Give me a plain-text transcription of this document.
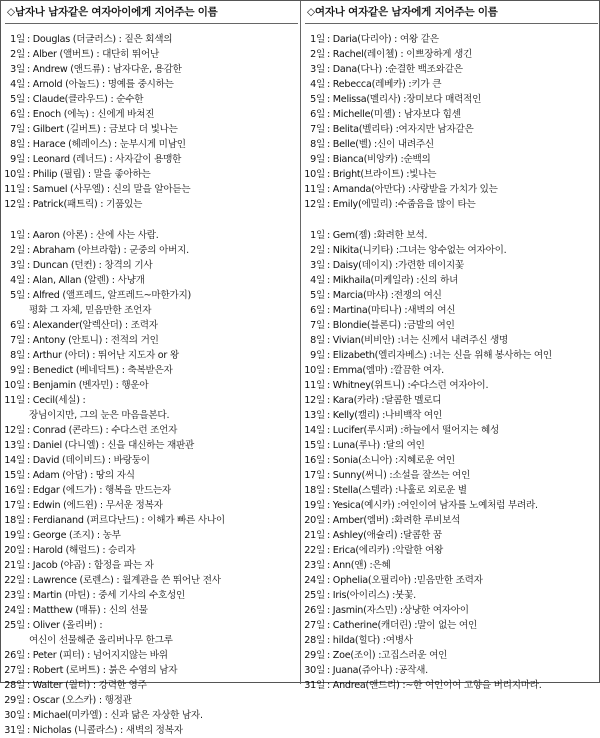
◇남자나 남자같은 여자아이에게 지어주는 이름
1일 : Douglas (더글러스) : 짙은 회색의
2일 : Alber (앨버트) : 대단히 뛰어난
3일 : Andrew (앤드류) : 남자다운, 용감한
4일 : Arnold (아놀드) : 명예를 중시하는
5일 : Claude(클라우드) : 순수한
6일 : Enoch (에녹) : 신에게 바쳐진
7일 : Gilbert (길버트) : 금보다 더 빛나는
8일 : Harace (헤레이스) : 눈부시게 미남인
9일 : Leonard (레너드) : 사자같이 용맹한
10일 : Philip (필립) : 말을 좋아하는
11일 : Samuel (사무엘) : 신의 말을 알아듣는
12일 : Patrick(패트릭) : 기품있는
1일 : Aaron (아론) : 산에 사는 사람.
2일 : Abraham (아브라함) : 군중의 아버지.
3일 : Duncan (던컨) : 창격의 기사
4일 : Alan, Allan (알렌) : 사냥개
5일 : Alfred (앨프레드, 알프레드~마한가지)
평화 그 자체, 믿음만한 조언자
6일 : Alexander(알렉산더) : 조력자
7일 : Antony (안토니) : 전적의 거인
8일 : Arthur (아더) : 뛰어난 지도자 or 왕
9일 : Benedict (베네딕트) : 축복받은자
10일 : Benjamin (벤자민) : 행운아
11일 : Cecil(세실) :
장님이지만, 그의 눈은 마음을본다.
12일 : Conrad (콘라드) : 수다스런 조언자
13일 : Daniel (다니엘) : 신을 대신하는 재판관
14일 : David (데이비드) : 바랑둥이
15일 : Adam (아담) : 땅의 자식
16일 : Edgar (에드가) : 행복을 만드는자
17일 : Edwin (에드윈) : 무서운 정복자
18일 : Ferdianand (퍼르다난드) : 이해가 빠른 사나이
19일 : George (조지) : 농부
20일 : Harold (해럴드) : 승리자
21일 : Jacob (야곱) : 함정을 파는 자
22일 : Lawrence (로렌스) : 월계관을 쓴 뛰어난 전사
23일 : Martin (마틴) : 중세 기사의 수호성인
24일 : Matthew (매튜) : 신의 선물
25일 : Oliver (올리버) :
여신이 선물해준 올리버나무 한그루
26일 : Peter (피터) : 넘어지지않는 바위
27일 : Robert (로버트) : 붉은 수염의 남자
28일 : Walter (월터) : 강력한 영주
29일 : Oscar (오스카) : 행정관
30일 : Michael(미카엘) : 신과 닮은 자상한 남자.
31일 : Nicholas (니콜라스) : 새벽의 정복자
◇여자나 여자같은 남자에게 지어주는 이름
1일 : Daria(다리아) : 여왕 같은
2일 : Rachel(레이첼) : 이쁘장하게 생긴
3일 : Dana(다나) :순결한 백조와같은
4일 : Rebecca(레베카) :키가 큰
5일 : Melissa(멜리사) :장미보다 매력적인
6일 : Michelle(미셸) : 남자보다 힘센
7일 : Belita(벨리타) :여자지만 남자같은
8일 : Belle(벨) :신이 내려주신
9일 : Bianca(비앙카) :순백의
10일 : Bright(브라이트) :빛나는
11일 : Amanda(아만다) :사랑받을 가치가 있는
12일 : Emily(에밀리) :수줍음을 많이 타는
1일 : Gem(젬) :화려한 보석.
2일 : Nikita(니키타) :그녀는 앙수없는 여자아이.
3일 : Daisy(데이지) :가련한 데이지꽃
4일 : Mikhaila(미케일라) :신의 하녀
5일 : Marcia(마샤) :전쟁의 여신
6일 : Martina(마티나) :새벽의 여신
7일 : Blondie(블론디) :금발의 여인
8일 : Vivian(비비안) :너는 신께서 내려주신 생명
9일 : Elizabeth(엘리자베스) :너는 신을 위해 봉사하는 여인
10일 : Emma(엠마) :깔끔한 여자.
11일 : Whitney(위트니) :수다스런 여자아이.
12일 : Kara(카라) :달콤한 멜로디
13일 : Kelly(캘리) :나비백작 여인
14일 : Lucifer(루시퍼) :하늘에서 떨어지는 혜성
15일 : Luna(루나) :달의 여인
16일 : Sonia(소니아) :지혜로운 여인
17일 : Sunny(써니) :소설을 잘쓰는 여인
18일 : Stella(스텔라) :나훌로 외로운 별
19일 : Yesica(예시카) :여인이여 남자를 노예처럼 부려라.
20일 : Amber(엠버) :화려한 루비보석
21일 : Ashley(애슐리) :달콤한 꿈
22일 : Erica(에리카) :악랄한 여왕
23일 : Ann(앤) :은혜
24일 : Ophelia(오필리아) :믿음만한 조력자
25일 : Iris(아이리스) :붓꽃.
26일 : Jasmin(자스민) :상냥한 여자아이
27일 : Catherine(캐더린) :말이 없는 여인
28일 : hilda(힐다) :여병사
29일 : Zoe(조이) :고집스러운 여인
30일 : Juana(쥬아나) :공작새.
31일 : Andrea(앤드리) :~한 여인이여 고향을 버리지마라.
